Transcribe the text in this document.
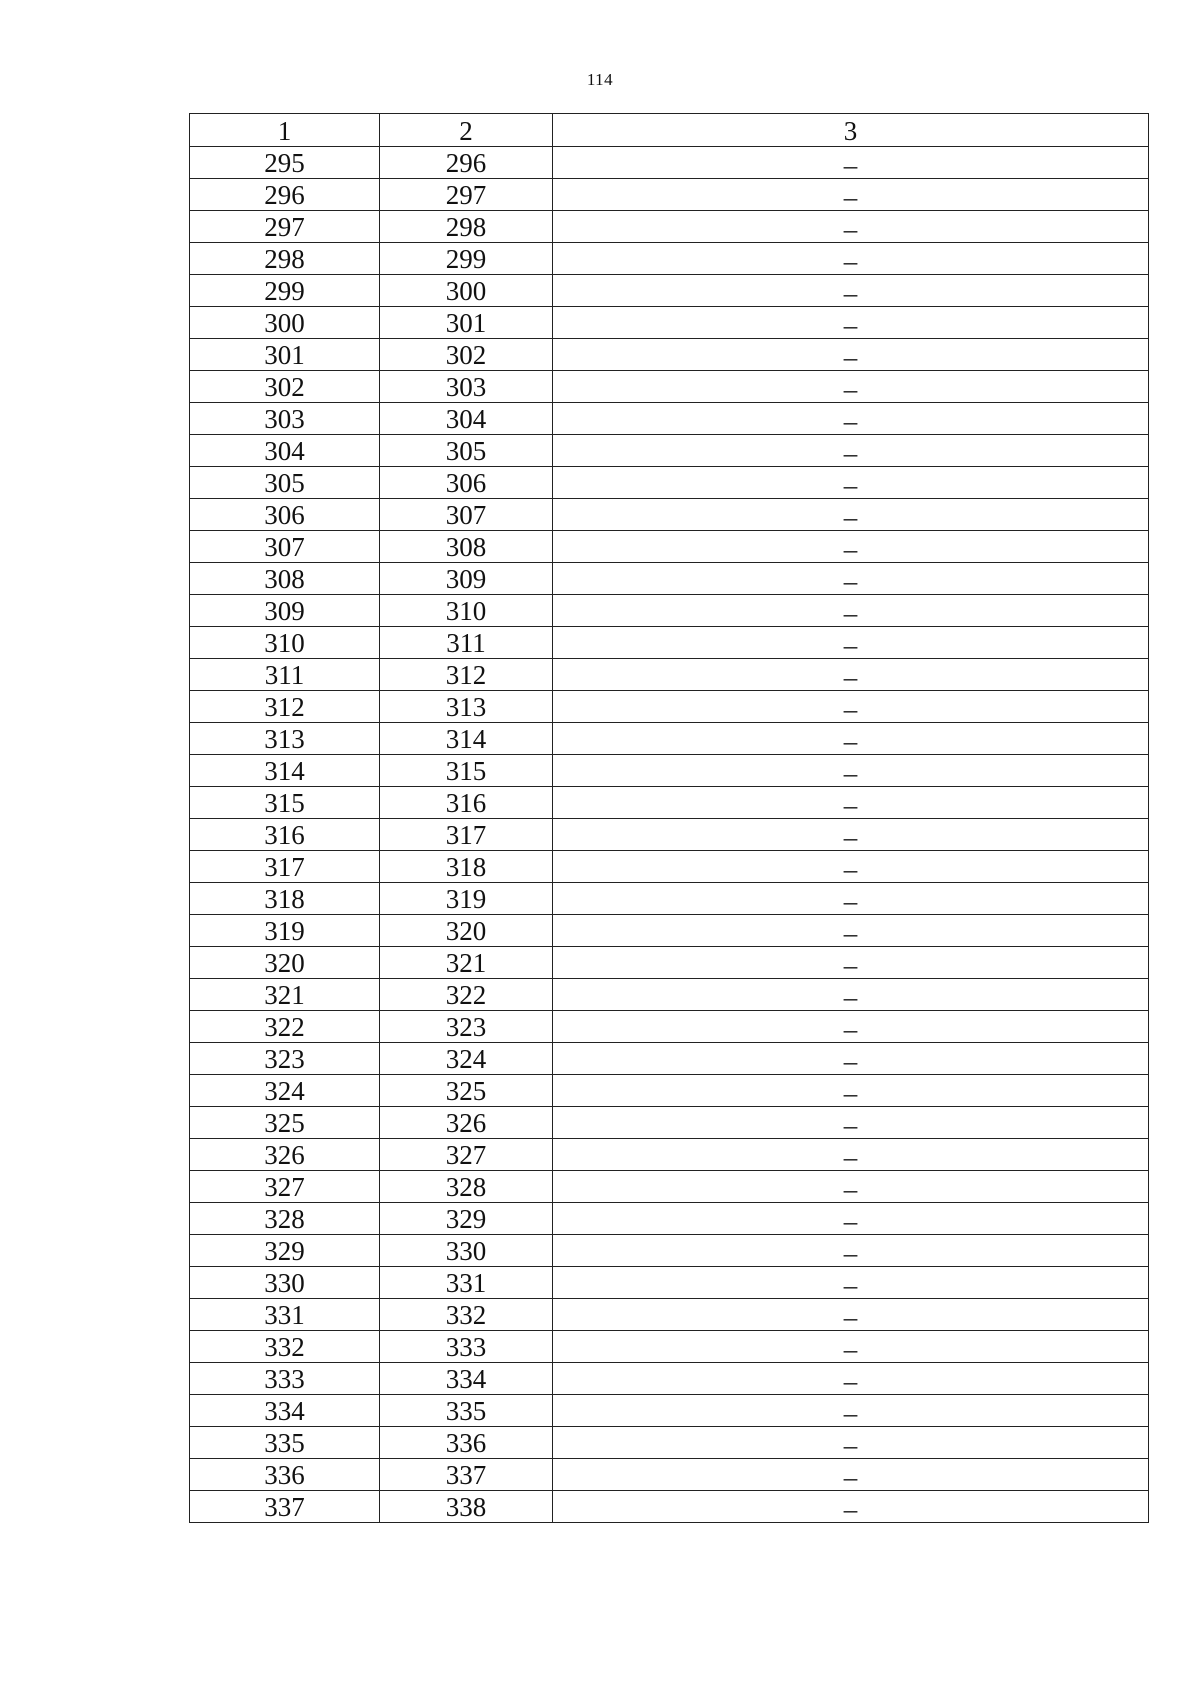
114
1	2	3
295	296	–
296	297	–
297	298	–
298	299	–
299	300	–
300	301	–
301	302	–
302	303	–
303	304	–
304	305	–
305	306	–
306	307	–
307	308	–
308	309	–
309	310	–
310	311	–
311	312	–
312	313	–
313	314	–
314	315	–
315	316	–
316	317	–
317	318	–
318	319	–
319	320	–
320	321	–
321	322	–
322	323	–
323	324	–
324	325	–
325	326	–
326	327	–
327	328	–
328	329	–
329	330	–
330	331	–
331	332	–
332	333	–
333	334	–
334	335	–
335	336	–
336	337	–
337	338	–
